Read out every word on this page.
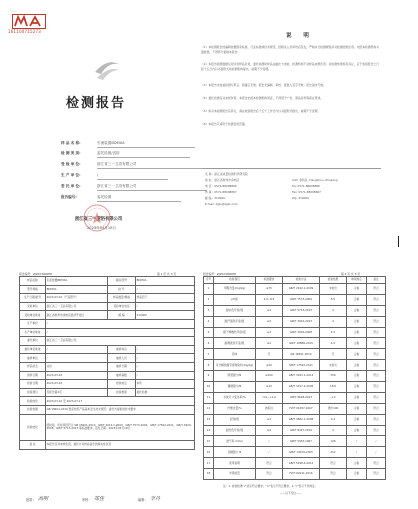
161100715273
检测报告
样 品 名 称:	引流装置BDMXA
检 测 类 别:	委托检测/送检
受 检 单 位:	浙江省三一卫浴有限公司
生 产 单 位:	/
委 托 单 位:	浙江省三一卫浴有限公司
报告编号:	委托检测
浙江省三一卫浴有限公司
2023年04月18日
说 明
（1）本检测报告的编制依据国家标准、行业标准或技术规范，经相关人员审核后签发，严格执行检测规程并对检测结果负责。未经本检测机构书面批准，不得部分复制本报告。
（2）本报告检测数据仅对所检样品负责，委托检测时样品由委托方送检，检测机构不对样品来源负责；对检测结果如有异议，应于收到报告之日起十五日内以书面形式向检测机构提出，逾期不予受理。
（3）本报告未加盖检测专用章、骑缝章无效；报告无编制、审核、批准人签字无效；报告涂改无效。
（4）委托检测仅对来样负责；本报告未经本检测机构同意，不得用于广告、商品宣传等商业用途。
（5）如对本检测报告有异议，请在收到报告后十五个工作日内以书面形式提出，逾期不予受理。
（6）本报告只适用于检测目的范围。
名 称：浙江省质量检测科学研究院
地 址：浙江省杭州市余杭区	Add: 余杭区, Hangzhou, Zhejiang
电 话：0571-88008866	Tel: 0571-88008866
传 真：0571-88008867	Fax: 0571-88008867
邮 编：310000	Zip: 310000
E-mail: zjjzx@zjjzx.com
报告编号：ZJ202300088	第 1 页 共 3 页
样品名称	引流装置BDMXA	商标/型号	BDMXA
型号规格	BDMXA	批 号	/
生产日期/批号	2023-03-10（产品型号）	样品数量/规格	样品若干
受检单位	浙江省三一卫浴有限公司	受检单位电话	/
受检单位地址	浙江省杭州市余杭区经济开发区	邮 编	310000
生产单位	/		
生产单位地址	/		
委托单位	浙江省三一卫浴有限公司		
委托单位地址	/	抽样地点	/
抽样单位	/	抽样人员	/
样品状态	完好	抽样日期	/
到样日期	2023-03-10	抽样基数	/
检验日期	2023-03-10	检验地点	本所
检验项目	见报告第2页	检验类别	委托检测
检验结论	2023-03-10 至 2023-03-17		
检验依据	GB 18401-2010 国家纺织产品基本安全技术规范；委托方提供的技术要求		
检验结论	经检验，所检项目符合 GB 18401-2010、GB/T 2912.1-2009、GB/T 7573-2009、GB/T 17592-2011、GB/T 3920-2008、GB/T 5713-2013 等标准要求。签发日期：2023年04月18日		
备 注	本报告仅对来样负责，委托方对样品信息的真实性负责		
批准： 高明	审核： 郑佳	编制： 李丹
报告编号：ZJ202300088	第 2 页 共 3 页
序号	检验项目	标准要求	检验方法	检验结果	单项判定	备注
1	甲醛含量(mg/kg)	≤75	GB/T 2912.1-2009	未检出	合格	符合
2	pH值	4.0~8.5	GB/T 7573-2009	6.5	合格	符合
3	耐水色牢度/级	≥3	GB/T 5713-2013	4	合格	符合
4	耐汗渍色牢度/级	≥3	GB/T 3922-2013	4	合格	符合
5	耐干摩擦色牢度/级	≥3	GB/T 3920-2008	4-5	合格	符合
6	耐唾液色牢度/级	≥4	GB/T 18886-2019	4-5	合格	符合
7	异味	无	GB 18401-2010	无	合格	符合
8	可分解致癌芳香胺染料(mg/kg)	≤20	GB/T 17592-2011	未检出	合格	符合
9	断裂强力/N	≥200	GB/T 3923.1-2013	356	合格	符合
10	撕破强力/N	≥10	GB/T 3917.2-2009	18.6	合格	符合
11	水洗尺寸变化率/%	-3.0~+1.0	GB/T 8628-2013	-1.2	合格	符合
12	纤维含量/%	按标注	FZ/T 01057-2007	涤纶100	合格	符合
13	起球/级	≥3	GB/T 4802.1-2008	3-4	合格	符合
14	耐光色牢度/级	≥4	GB/T 8427-2019	4	合格	符合
15	透气率 mm/s	/	GB/T 5453-1997	126	/	/
16	顶破强力 N	/	GB/T 19976-2005	412	/	/
17	使用说明	符合	GB/T 5296.4-2012	符合	合格	符合
18	外观质量	符合	FZ/T 62011-2016	符合	合格	符合
注：1. 检验结果"√"表示符合要求；"×"表示不符合要求。2. "/"表示不作判定。
——以下空白——
